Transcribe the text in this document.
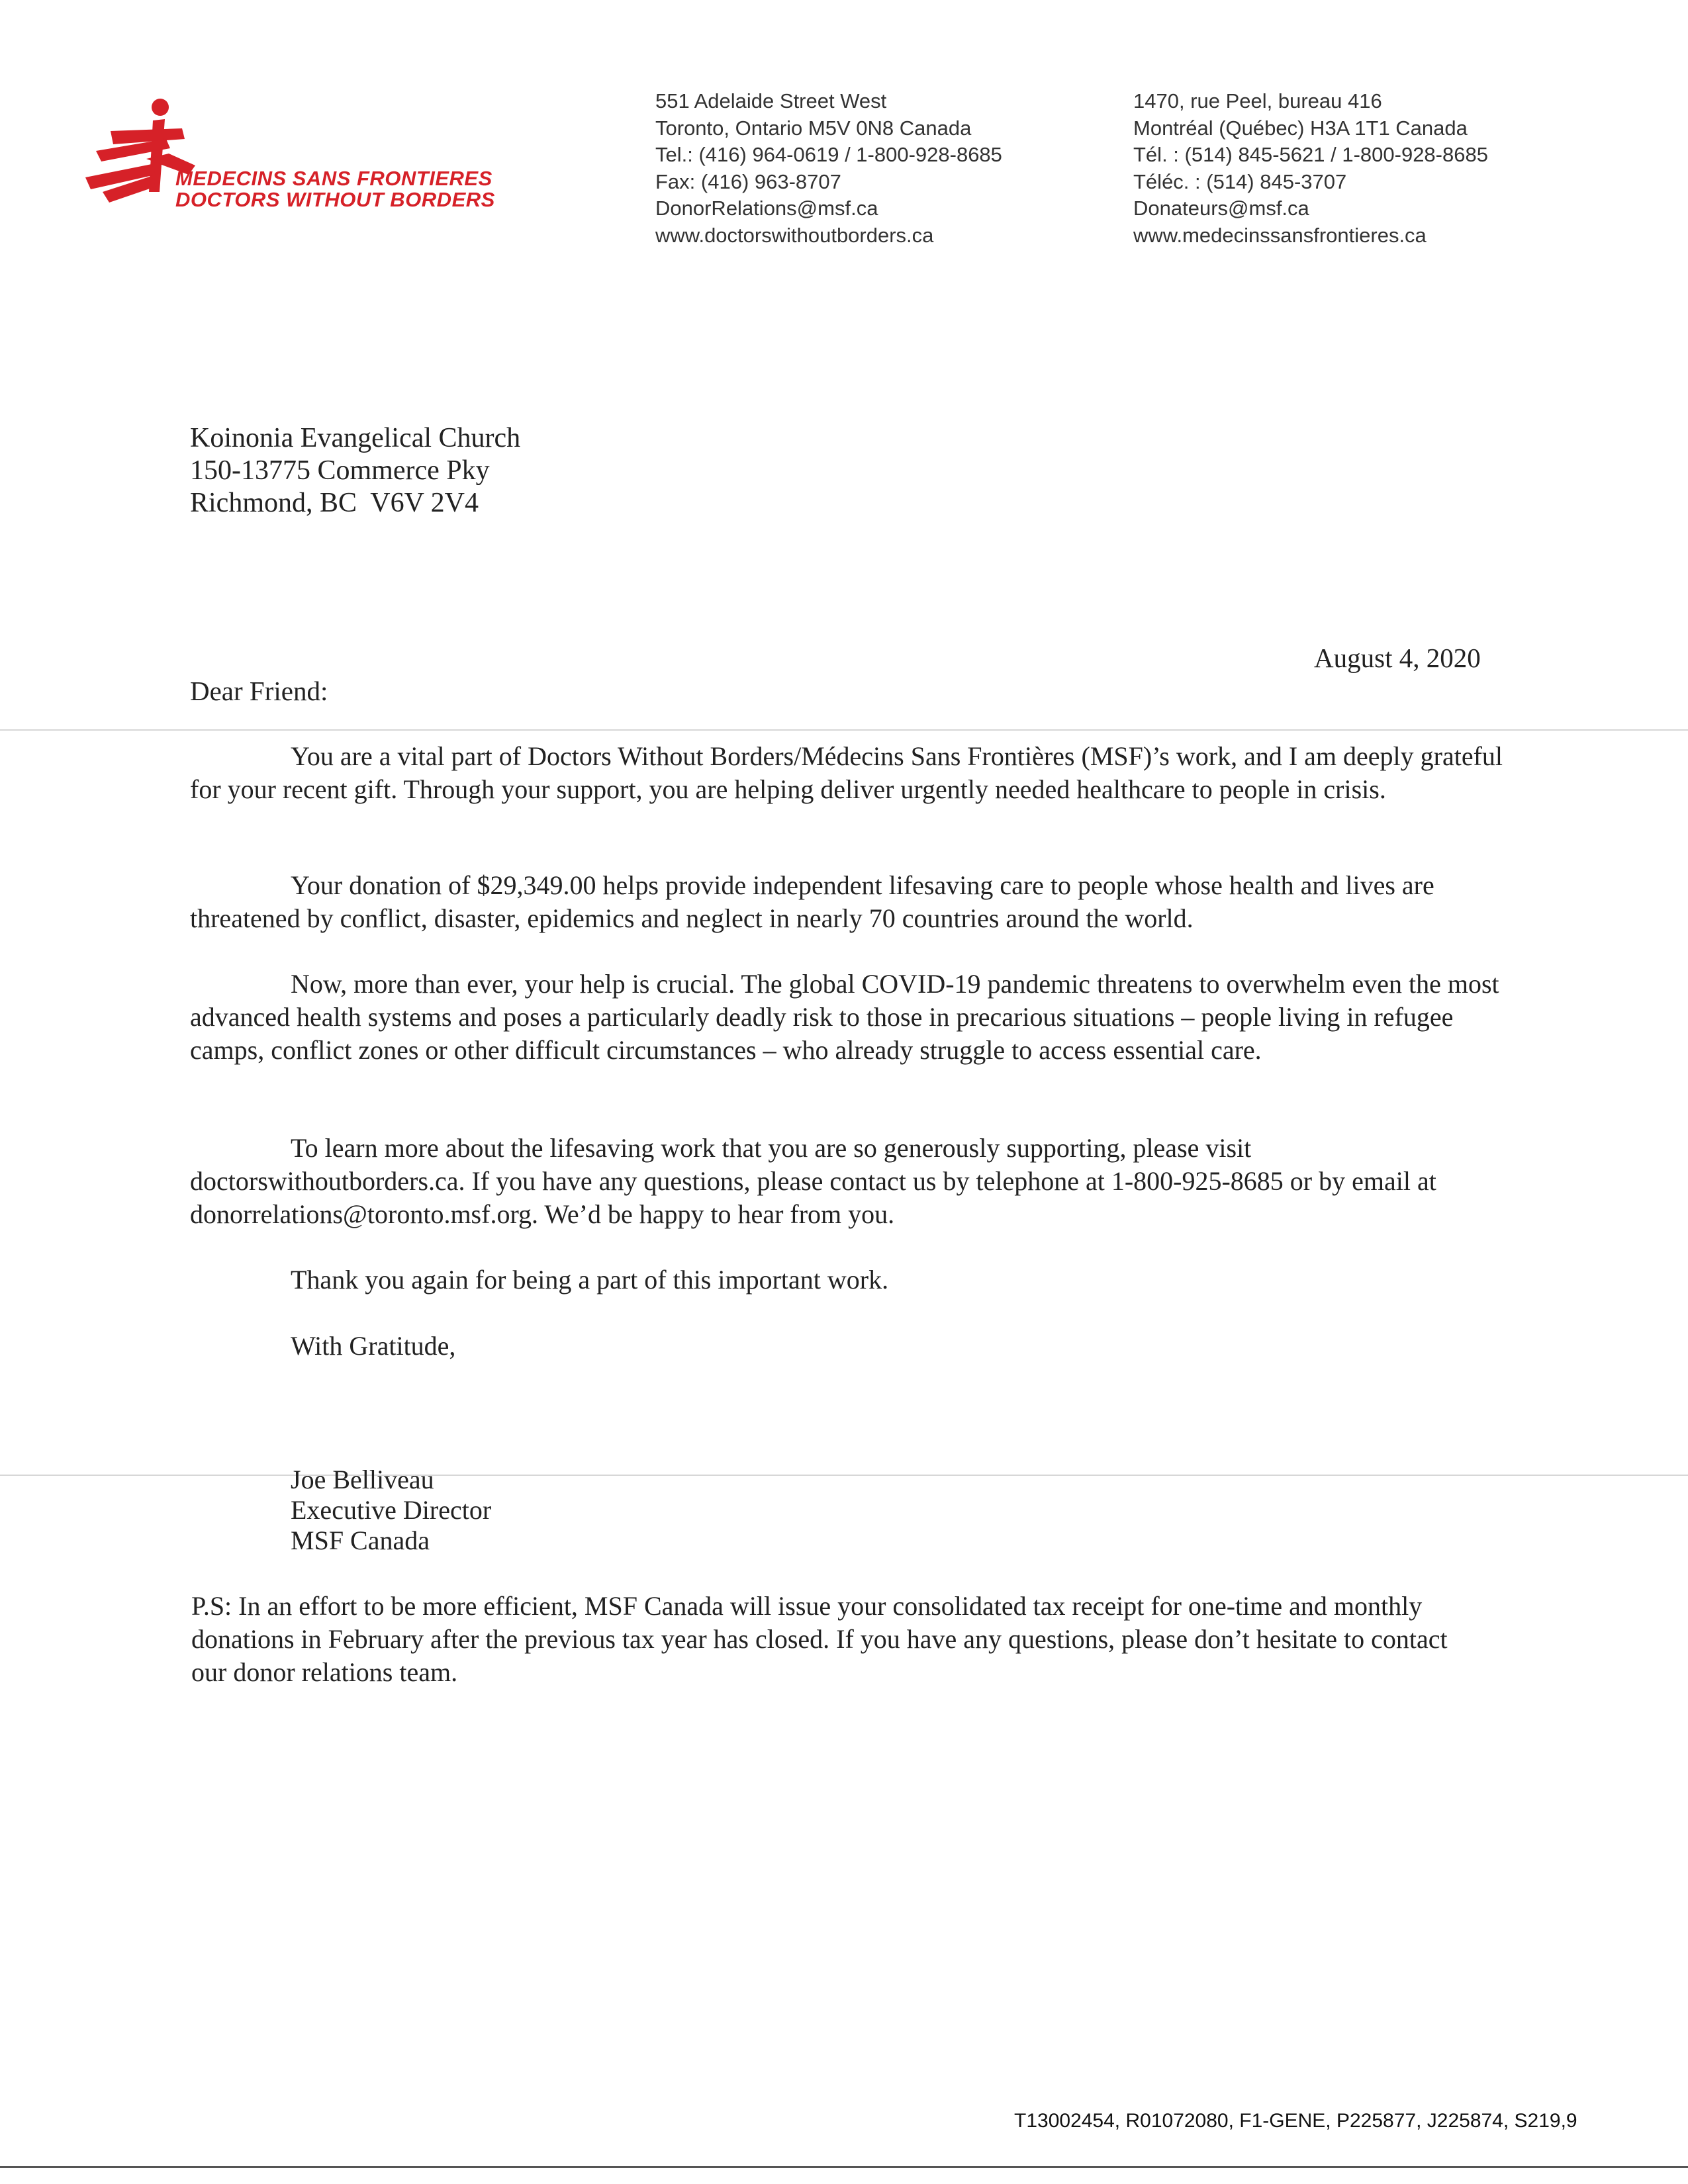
MEDECINS SANS FRONTIERES
DOCTORS WITHOUT BORDERS
551 Adelaide Street West
Toronto, Ontario M5V 0N8 Canada
Tel.: (416) 964-0619 / 1-800-928-8685
Fax: (416) 963-8707
DonorRelations@msf.ca
www.doctorswithoutborders.ca
1470, rue Peel, bureau 416
Montréal (Québec) H3A 1T1 Canada
Tél. : (514) 845-5621 / 1-800-928-8685
Téléc. : (514) 845-3707
Donateurs@msf.ca
www.medecinssansfrontieres.ca
Koinonia Evangelical Church
150-13775 Commerce Pky
Richmond, BC  V6V 2V4
August 4, 2020
Dear Friend:

You are a vital part of Doctors Without Borders/Médecins Sans Frontières (MSF)’s work, and I am deeply grateful for your recent gift. Through your support, you are helping deliver urgently needed healthcare to people in crisis.

Your donation of $29,349.00 helps provide independent lifesaving care to people whose health and lives are threatened by conflict, disaster, epidemics and neglect in nearly 70 countries around the world.

Now, more than ever, your help is crucial. The global COVID-19 pandemic threatens to overwhelm even the most advanced health systems and poses a particularly deadly risk to those in precarious situations – people living in refugee camps, conflict zones or other difficult circumstances – who already struggle to access essential care.

To learn more about the lifesaving work that you are so generously supporting, please visit doctorswithoutborders.ca. If you have any questions, please contact us by telephone at 1-800-925-8685 or by email at donorrelations@toronto.msf.org. We’d be happy to hear from you.

Thank you again for being a part of this important work.
With Gratitude,
Joe Belliveau
Executive Director
MSF Canada

P.S: In an effort to be more efficient, MSF Canada will issue your consolidated tax receipt for one-time and monthly donations in February after the previous tax year has closed. If you have any questions, please don’t hesitate to contact our donor relations team.

T13002454, R01072080, F1-GENE, P225877, J225874, S219,9
